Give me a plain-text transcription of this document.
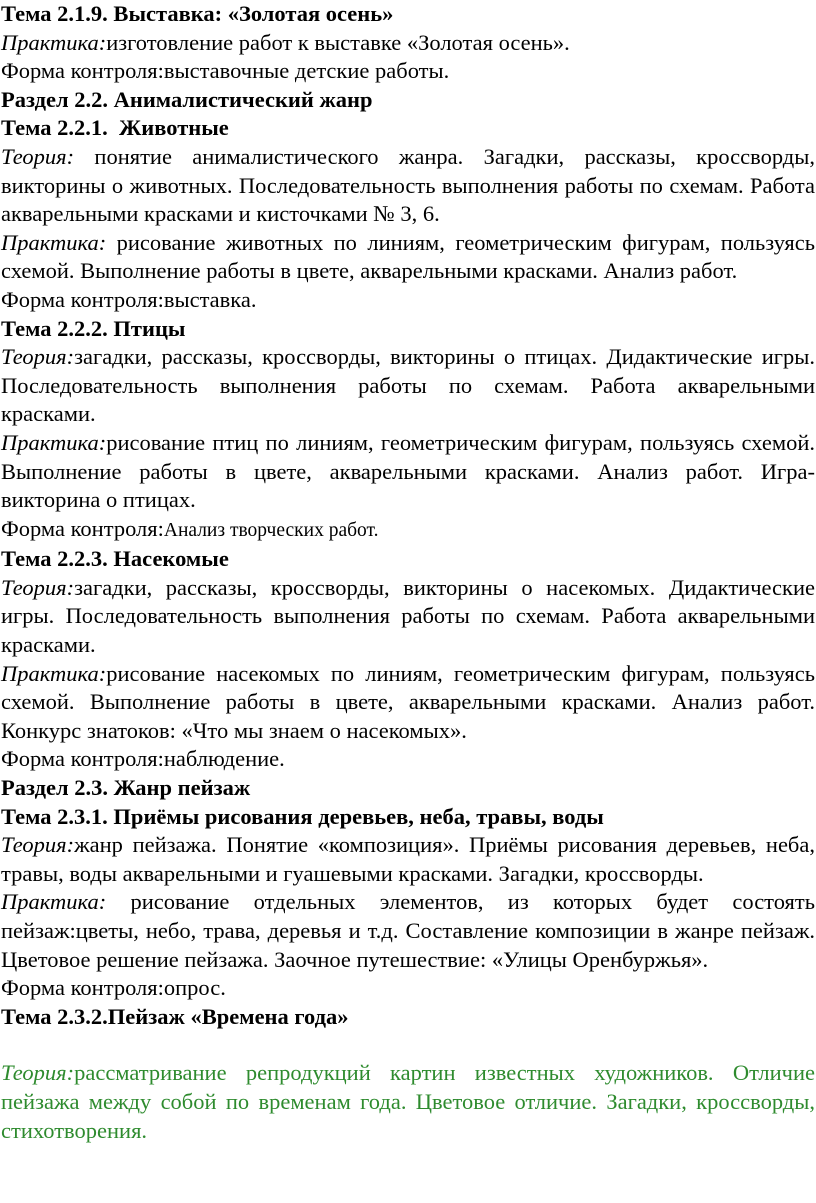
Тема 2.1.9. Выставка: «Золотая осень»

Практика:изготовление работ к выставке «Золотая осень».

Форма контроля:выставочные детские работы.

Раздел 2.2. Анималистический жанр

Тема 2.2.1.  Животные

Теория: понятие анималистического жанра. Загадки, рассказы, кроссворды, викторины о животных. Последовательность выполнения работы по схемам. Работа акварельными красками и кисточками № 3, 6.

Практика: рисование животных по линиям, геометрическим фигурам, пользуясь схемой. Выполнение работы в цвете, акварельными красками. Анализ работ.

Форма контроля:выставка.

Тема 2.2.2. Птицы

Теория:загадки, рассказы, кроссворды, викторины о птицах. Дидактические игры. Последовательность выполнения работы по схемам. Работа акварельными красками.

Практика:рисование птиц по линиям, геометрическим фигурам, пользуясь схемой. Выполнение работы в цвете, акварельными красками. Анализ работ. Игра-викторина о птицах.

Форма контроля:Анализ творческих работ.

Тема 2.2.3. Насекомые

Теория:загадки, рассказы, кроссворды, викторины о насекомых. Дидактические игры. Последовательность выполнения работы по схемам. Работа акварельными красками.

Практика:рисование насекомых по линиям, геометрическим фигурам, пользуясь схемой. Выполнение работы в цвете, акварельными красками. Анализ работ. Конкурс знатоков: «Что мы знаем о насекомых».

Форма контроля:наблюдение.

Раздел 2.3. Жанр пейзаж

Тема 2.3.1. Приёмы рисования деревьев, неба, травы, воды

Теория:жанр пейзажа. Понятие «композиция». Приёмы рисования деревьев, неба, травы, воды акварельными и гуашевыми красками. Загадки, кроссворды.

Практика: рисование отдельных элементов, из которых будет состоять пейзаж:цветы, небо, трава, деревья и т.д. Составление композиции в жанре пейзаж. Цветовое решение пейзажа. Заочное путешествие: «Улицы Оренбуржья».

Форма контроля:опрос.

Тема 2.3.2.Пейзаж «Времена года»

Теория:рассматривание репродукций картин известных художников. Отличие пейзажа между собой по временам года. Цветовое отличие. Загадки, кроссворды, стихотворения.
